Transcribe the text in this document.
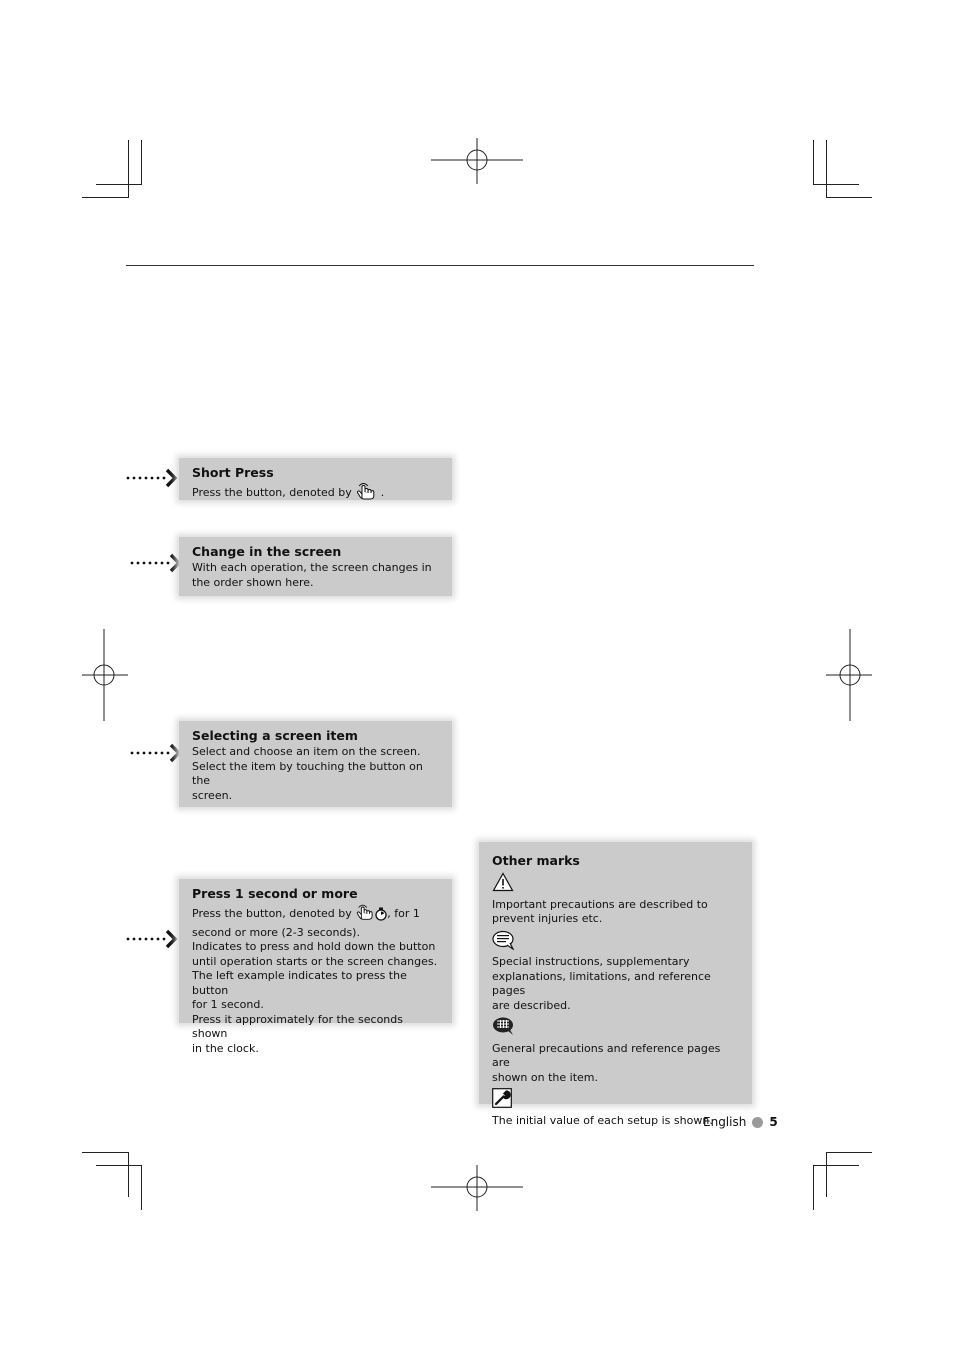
Short Press
Press the button, denoted by	.
Change in the screen
With each operation, the screen changes in
the order shown here.
Selecting a screen item
Select and choose an item on the screen.
Select the item by touching the button on the
screen.
Press 1 second or more
Press the button, denoted by	, for 1
second or more (2-3 seconds).
Indicates to press and hold down the button
until operation starts or the screen changes.
The left example indicates to press the button
for 1 second.
Press it approximately for the seconds shown
in the clock.
Other marks
Important precautions are described to
prevent injuries etc.
Special instructions, supplementary
explanations, limitations, and reference pages
are described.
General precautions and reference pages are
shown on the item.
The initial value of each setup is shown.
English 5
